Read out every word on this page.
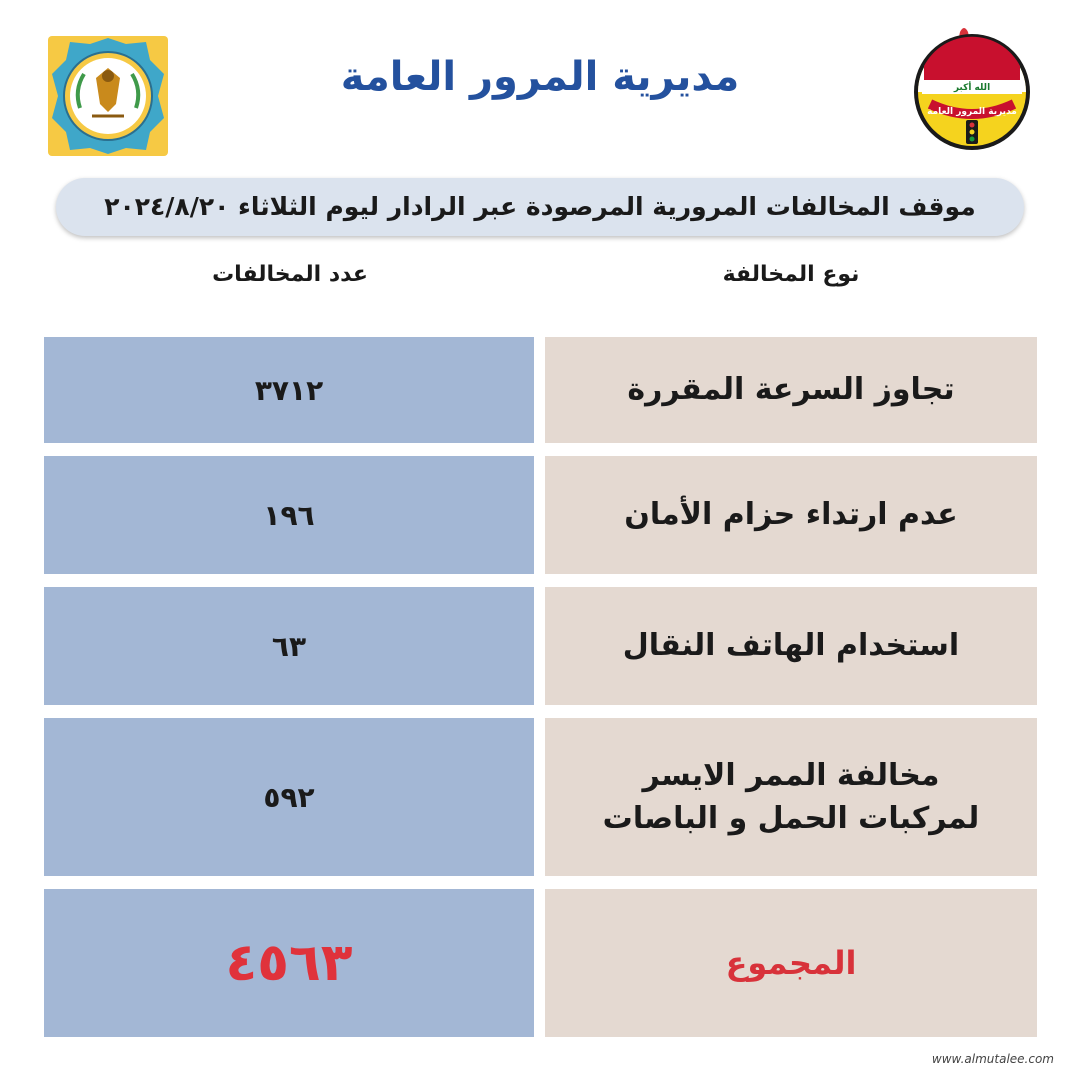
مديرية المرور العامة	الله أكبر
مديرية المرور العامة
موقف المخالفات المرورية المرصودة عبر الرادار ليوم الثلاثاء ٢٠٢٤/٨/٢٠
نوع المخالفة
عدد المخالفات
تجاوز السرعة المقررة
٣٧١٢
عدم ارتداء حزام الأمان
١٩٦
استخدام الهاتف النقال
٦٣
مخالفة الممر الايسر لمركبات الحمل و الباصات
٥٩٢
المجموع
٤٥٦٣
www.almutalee.com
